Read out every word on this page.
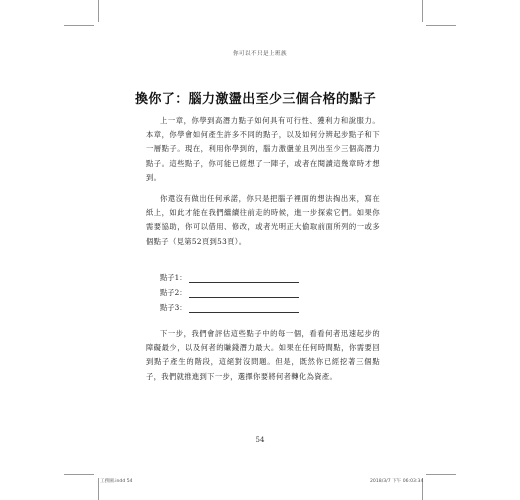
你可以不只是上班族
換你了：腦力激盪出至少三個合格的點子

上一章，你學到高潛力點子如何具有可行性、獲利力和說服力。本章，你學會如何產生許多不同的點子，以及如何分辨起步點子和下一層點子。現在，利用你學到的，腦力激盪並且列出至少三個高潛力點子。這些點子，你可能已經想了一陣子，或者在閱讀這幾章時才想到。

你還沒有做出任何承諾，你只是把腦子裡面的想法掏出來，寫在紙上，如此才能在我們繼續往前走的時候，進一步探索它們。如果你需要協助，你可以借用、修改，或者光明正大偷取前面所列的一或多個點子（見第52頁到53頁）。

點子1：
點子2：
點子3：

下一步，我們會評估這些點子中的每一個，看看何者迅速起步的障礙最少，以及何者的賺錢潛力最大。如果在任何時間點，你需要回到點子產生的階段，這絕對沒問題。但是，既然你已經挖著三個點子，我們就推進到下一步，選擇你要將何者轉化為資產。

54
工務圖.indd 54	2018/3/7 下午 06:03:34
